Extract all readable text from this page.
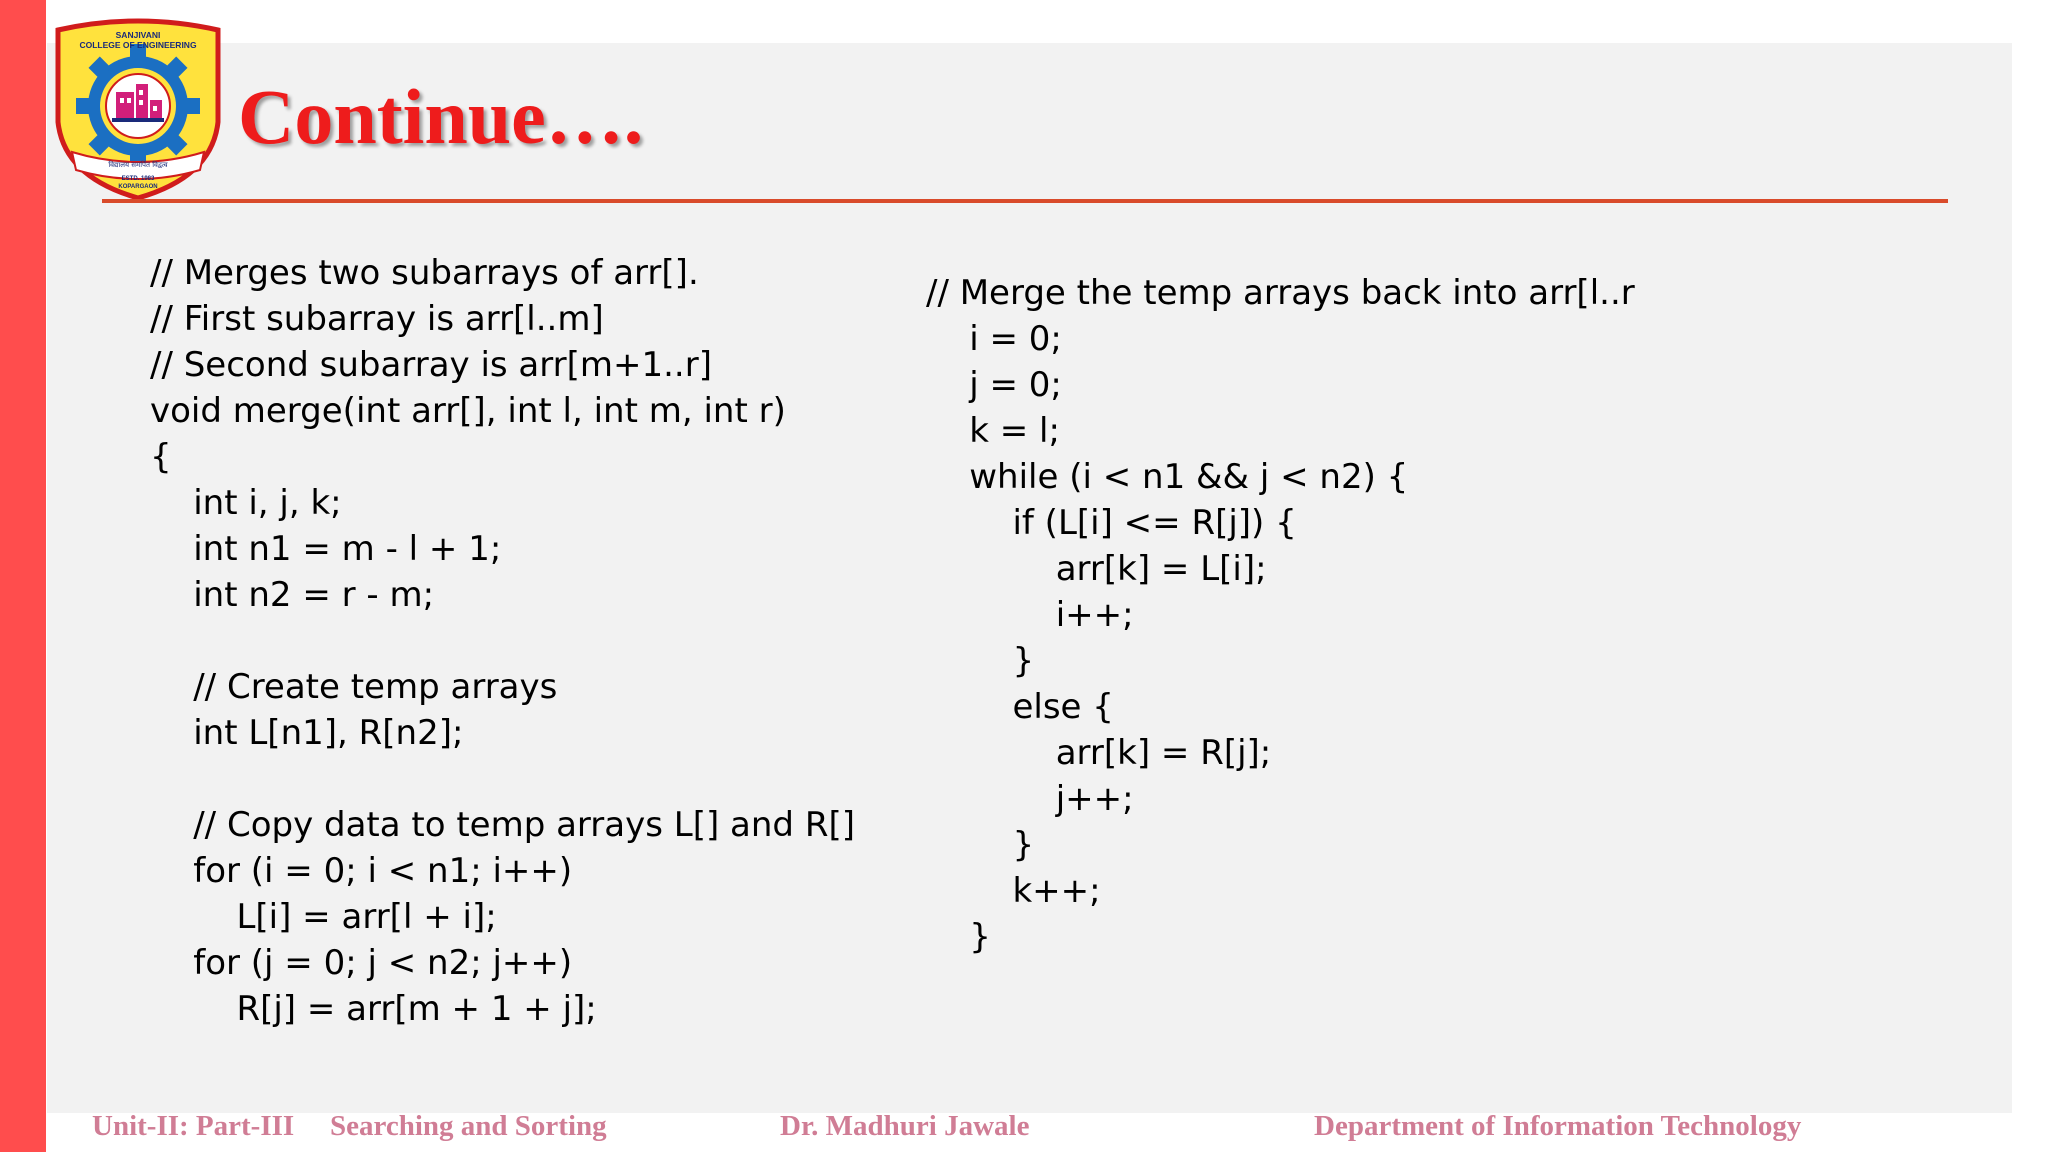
SANJIVANI
विद्यालय समर्पित विद्वत्व
ESTD. 1983
KOPARGAON
COLLEGE OF ENGINEERING
Continue….
// Merges two subarrays of arr[].
// First subarray is arr[l..m]
// Second subarray is arr[m+1..r]
void merge(int arr[], int l, int m, int r)
{
int i, j, k;
int n1 = m - l + 1;
int n2 = r - m;
// Create temp arrays
int L[n1], R[n2];
// Copy data to temp arrays L[] and R[]
for (i = 0; i < n1; i++)
L[i] = arr[l + i];
for (j = 0; j < n2; j++)
R[j] = arr[m + 1 + j];
// Merge the temp arrays back into arr[l..r
i = 0;
j = 0;
k = l;
while (i < n1 && j < n2) {
if (L[i] <= R[j]) {
arr[k] = L[i];
i++;
}
else {
arr[k] = R[j];
j++;
}
k++;
}
Unit-II: Part-III Searching and Sorting	Dr. Madhuri Jawale	Department of Information Technology
